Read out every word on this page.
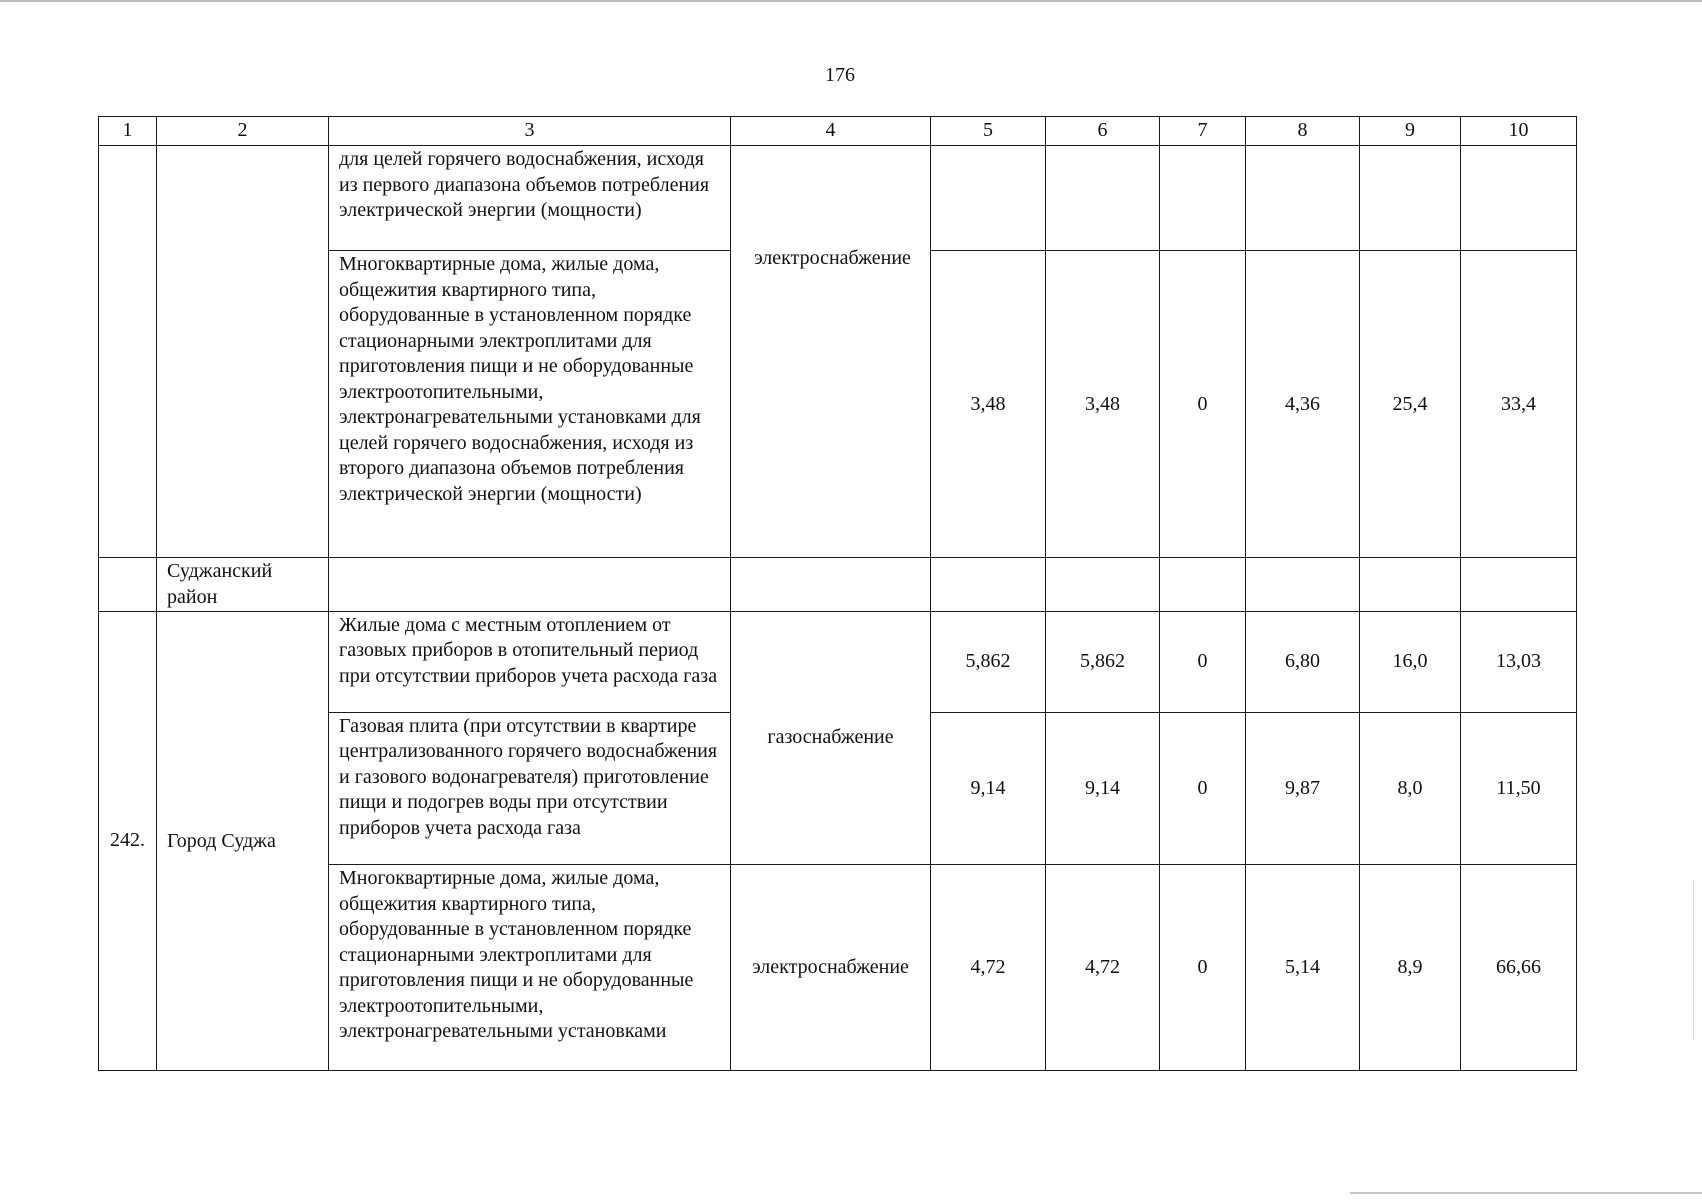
176
1	2	3	4	5	6	7	8	9	10
		для целей горячего водоснабжения, исходя из первого диапазона объемов потребления электрической энергии (мощности)	электроснабжение						
		Многоквартирные дома, жилые дома, общежития квартирного типа, оборудованные в установленном порядке стационарными электроплитами для приготовления пищи и не оборудованные электроотопительными, электронагревательными установками для целей горячего водоснабжения, исходя из второго диапазона объемов потребления электрической энергии (мощности)		3,48	3,48	0	4,36	25,4	33,4
	Суджанский район								
242.	Город Суджа	Жилые дома с местным отоплением от газовых приборов в отопительный период при отсутствии приборов учета расхода газа	газоснабжение	5,862	5,862	0	6,80	16,0	13,03
		Газовая плита (при отсутствии в квартире централизованного горячего водоснабжения и газового водонагревателя) приготовление пищи и подогрев воды при отсутствии приборов учета расхода газа		9,14	9,14	0	9,87	8,0	11,50
		Многоквартирные дома, жилые дома, общежития квартирного типа, оборудованные в установленном порядке стационарными электроплитами для приготовления пищи и не оборудованные электроотопительными, электронагревательными установками	электроснабжение	4,72	4,72	0	5,14	8,9	66,66
